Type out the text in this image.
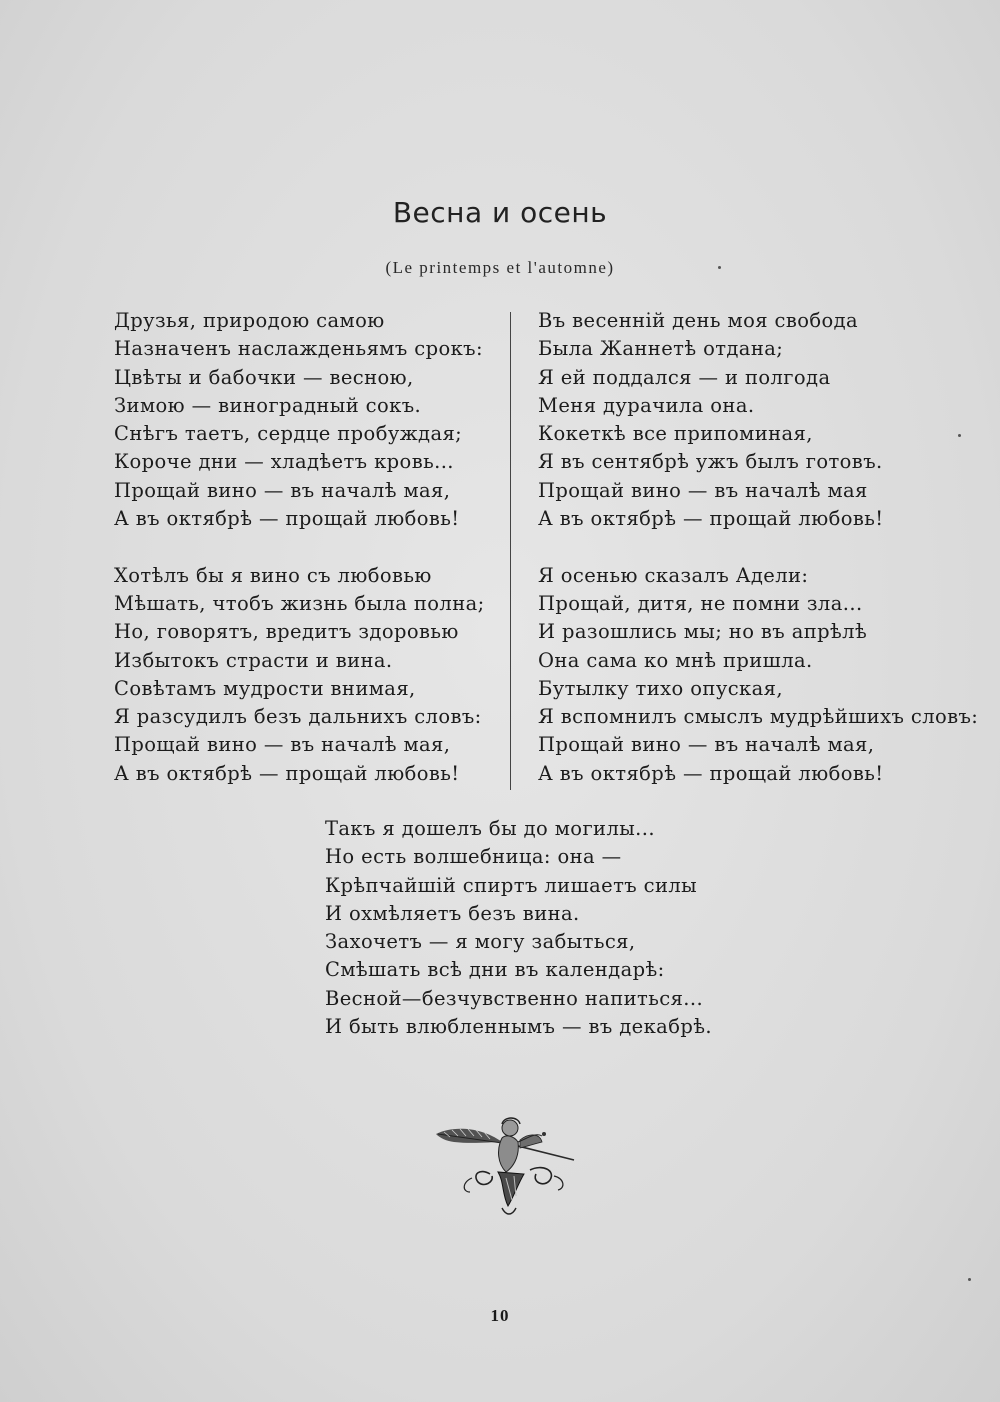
Весна и осень
(Le printemps et l'automne)
Друзья, природою самою
Назначенъ наслажденьямъ срокъ:
Цвѣты и бабочки — весною,
Зимою — виноградный сокъ.
Снѣгъ таетъ, сердце пробуждая;
Короче дни — хладѣетъ кровь...
Прощай вино — въ началѣ мая,
А въ октябрѣ — прощай любовь!
Хотѣлъ бы я вино съ любовью
Мѣшать, чтобъ жизнь была полна;
Но, говорятъ, вредитъ здоровью
Избытокъ страсти и вина.
Совѣтамъ мудрости внимая,
Я разсудилъ безъ дальнихъ словъ:
Прощай вино — въ началѣ мая,
А въ октябрѣ — прощай любовь!
Въ весенній день моя свобода
Была Жаннетѣ отдана;
Я ей поддался — и полгода
Меня дурачила она.
Кокеткѣ все припоминая,
Я въ сентябрѣ ужъ былъ готовъ.
Прощай вино — въ началѣ мая
А въ октябрѣ — прощай любовь!
Я осенью сказалъ Адели:
Прощай, дитя, не помни зла...
И разошлись мы; но въ апрѣлѣ
Она сама ко мнѣ пришла.
Бутылку тихо опуская,
Я вспомнилъ смыслъ мудрѣйшихъ словъ:
Прощай вино — въ началѣ мая,
А въ октябрѣ — прощай любовь!
Такъ я дошелъ бы до могилы...
Но есть волшебница: она —
Крѣпчайшій спиртъ лишаетъ силы
И охмѣляетъ безъ вина.
Захочетъ — я могу забыться,
Смѣшать всѣ дни въ календарѣ:
Весной—безчувственно напиться...
И быть влюбленнымъ — въ декабрѣ.
10
